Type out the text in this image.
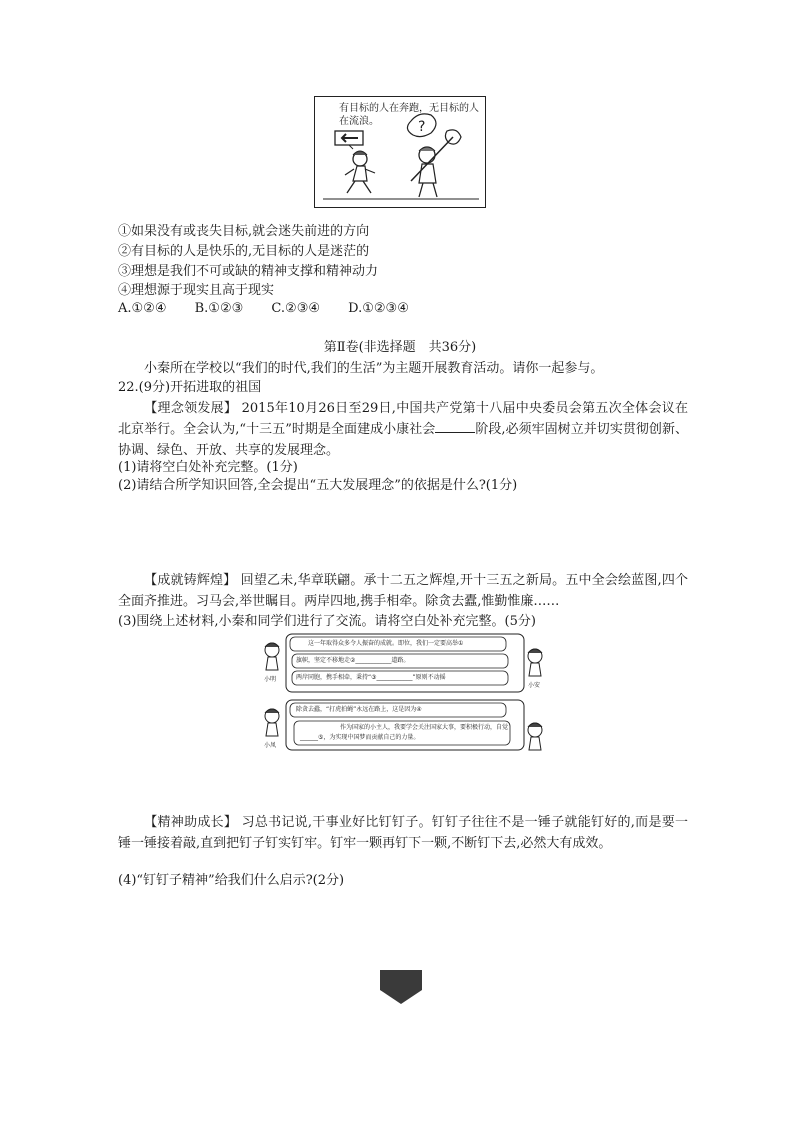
有目标的人在奔跑，无目标的人在流浪。	?
①如果没有或丧失目标,就会迷失前进的方向
②有目标的人是快乐的,无目标的人是迷茫的
③理想是我们不可或缺的精神支撑和精神动力
④理想源于现实且高于现实
A.①②④ B.①②③ C.②③④ D.①②③④
第Ⅱ卷(非选择题　共36分)
小秦所在学校以“我们的时代,我们的生活”为主题开展教育活动。请你一起参与。
22.(9分)开拓进取的祖国
【理念领发展】 2015年10月26日至29日,中国共产党第十八届中央委员会第五次全体会议在北京举行。全会认为,“十三五”时期是全面建成小康社会	阶段,必须牢固树立并切实贯彻创新、协调、绿色、开放、共享的发展理念。
(1)请将空白处补充完整。(1分)
(2)请结合所学知识回答,全会提出“五大发展理念”的依据是什么?(1分)
【成就铸辉煌】 回望乙未,华章联翩。承十二五之辉煌,开十三五之新局。五中全会绘蓝图,四个全面齐推进。习马会,举世瞩目。两岸四地,携手相牵。除贪去蠹,惟勤惟廉……
(3)围绕上述材料,小秦和同学们进行了交流。请将空白处补充完整。(5分)
这一年取得众多令人振奋的成就。即位，我们一定要高举①
旗帜，坚定不移地走②____________道路。
两岸同胞，携手相牵，秉持“③____________”原则不动摇
除贪去蠹，“打虎拍蝇”永远在路上，这是因为④
作为国家的小主人，我要学会关注国家大事，要积极行动，自觉
______⑤，为实现中国梦而贡献自己的力量。
小明
小安
小凤
【精神助成长】 习总书记说,干事业好比钉钉子。钉钉子往往不是一锤子就能钉好的,而是要一锤一锤接着敲,直到把钉子钉实钉牢。钉牢一颗再钉下一颗,不断钉下去,必然大有成效。
(4)“钉钉子精神”给我们什么启示?(2分)
